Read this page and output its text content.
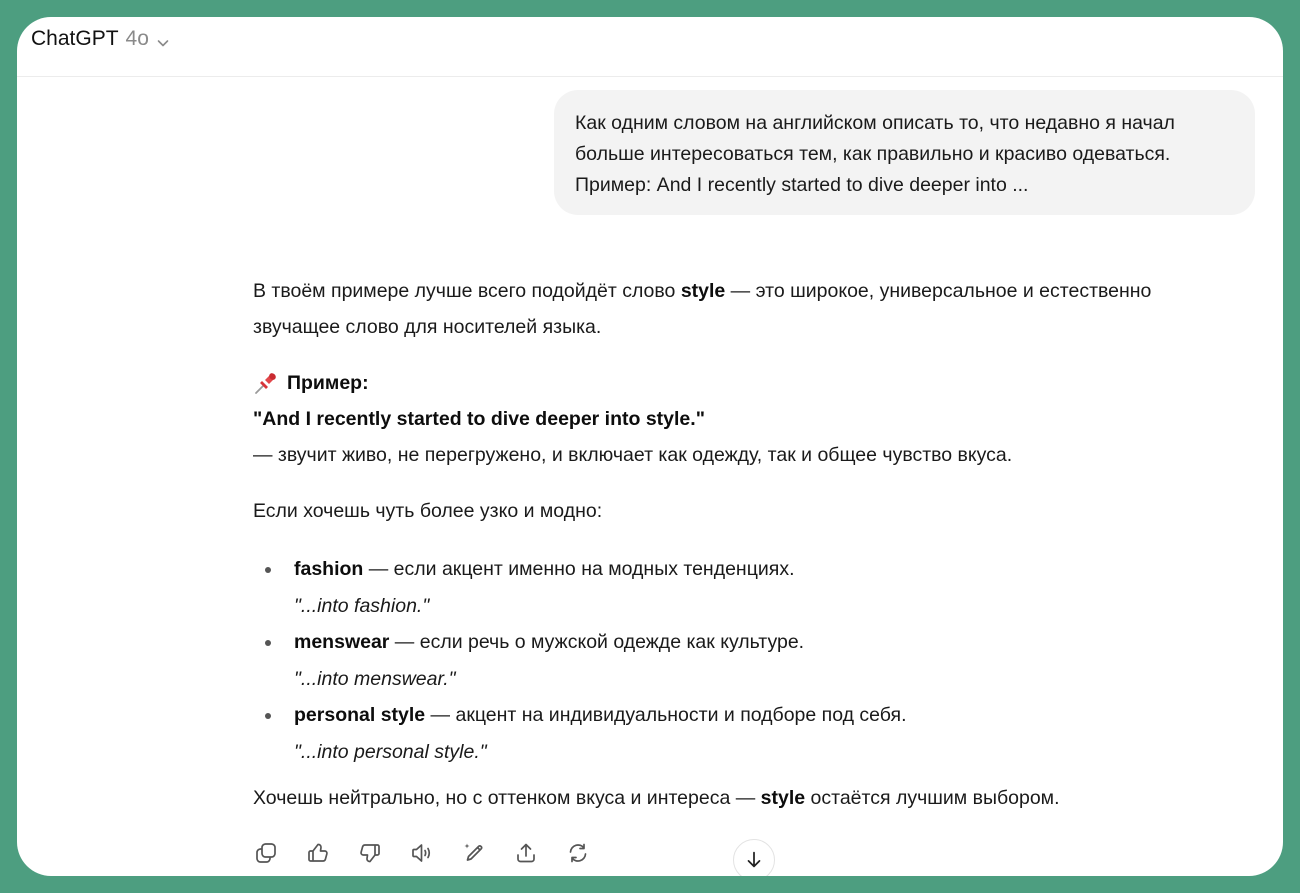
ChatGPT 4o
Как одним словом на английском описать то, что недавно я начал
больше интересоваться тем, как правильно и красиво одеваться.
Пример: And I recently started to dive deeper into ...
В твоём примере лучше всего подойдёт слово style — это широкое, универсальное и естественно
звучащее слово для носителей языка.
Пример:
"And I recently started to dive deeper into style."
— звучит живо, не перегружено, и включает как одежду, так и общее чувство вкуса.
Если хочешь чуть более узко и модно:
fashion — если акцент именно на модных тенденциях.
"...into fashion."
menswear — если речь о мужской одежде как культуре.
"...into menswear."
personal style — акцент на индивидуальности и подборе под себя.
"...into personal style."
Хочешь нейтрально, но с оттенком вкуса и интереса — style остаётся лучшим выбором.
